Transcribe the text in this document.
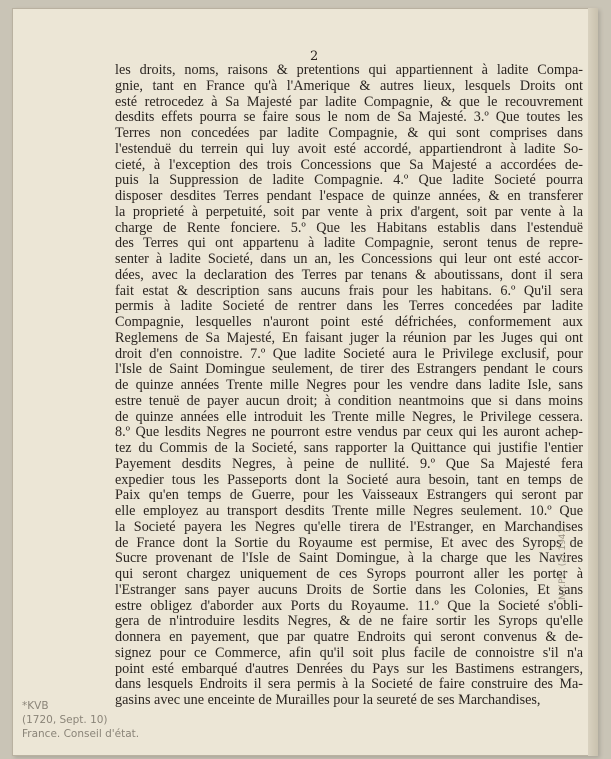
2
les droits, noms, raisons & pretentions qui appartiennent à ladite Compa-
gnie, tant en France qu'à l'Amerique & autres lieux, lesquels Droits ont
esté retrocedez à Sa Majesté par ladite Compagnie, & que le recouvrement
desdits effets pourra se faire sous le nom de Sa Majesté. 3.º Que toutes les
Terres non concedées par ladite Compagnie, & qui sont comprises dans
l'estenduë du terrein qui luy avoit esté accordé, appartiendront à ladite So-
cieté, à l'exception des trois Concessions que Sa Majesté a accordées de-
puis la Suppression de ladite Compagnie. 4.º Que ladite Societé pourra
disposer desdites Terres pendant l'espace de quinze années, & en transferer
la proprieté à perpetuité, soit par vente à prix d'argent, soit par vente à la
charge de Rente fonciere. 5.º Que les Habitans establis dans l'estenduë
des Terres qui ont appartenu à ladite Compagnie, seront tenus de repre-
senter à ladite Societé, dans un an, les Concessions qui leur ont esté accor-
dées, avec la declaration des Terres par tenans & aboutissans, dont il sera
fait estat & description sans aucuns frais pour les habitans. 6.º Qu'il sera
permis à ladite Societé de rentrer dans les Terres concedées par ladite
Compagnie, lesquelles n'auront point esté défrichées, conformement aux
Reglemens de Sa Majesté, En faisant juger la réunion par les Juges qui ont
droit d'en connoistre. 7.º Que ladite Societé aura le Privilege exclusif, pour
l'Isle de Saint Domingue seulement, de tirer des Estrangers pendant le cours
de quinze années Trente mille Negres pour les vendre dans ladite Isle, sans
estre tenuë de payer aucun droit; à condition neantmoins que si dans moins
de quinze années elle introduit les Trente mille Negres, le Privilege cessera.
8.º Que lesdits Negres ne pourront estre vendus par ceux qui les auront achep-
tez du Commis de la Societé, sans rapporter la Quittance qui justifie l'entier
Payement desdits Negres, à peine de nullité. 9.º Que Sa Majesté fera
expedier tous les Passeports dont la Societé aura besoin, tant en temps de
Paix qu'en temps de Guerre, pour les Vaisseaux Estrangers qui seront par
elle employez au transport desdits Trente mille Negres seulement. 10.º Que
la Societé payera les Negres qu'elle tirera de l'Estranger, en Marchandises
de France dont la Sortie du Royaume est permise, Et avec des Syrops de
Sucre provenant de l'Isle de Saint Domingue, à la charge que les Navires
qui seront chargez uniquement de ces Syrops pourront aller les porter à
l'Estranger sans payer aucuns Droits de Sortie dans les Colonies, Et sans
estre obligez d'aborder aux Ports du Royaume. 11.º Que la Societé s'obli-
gera de n'introduire lesdits Negres, & de ne faire sortir les Syrops qu'elle
donnera en payement, que par quatre Endroits qui seront convenus & de-
signez pour ce Commerce, afin qu'il soit plus facile de connoistre s'il n'a
point esté embarqué d'autres Denrées du Pays sur les Bastimens estrangers,
dans lesquels Endroits il sera permis à la Societé de faire construire des Ma-
gasins avec une enceinte de Murailles pour la seureté de ses Marchandises,
*KVB
(1720, Sept. 10)
France. Conseil d'état.
N.Y.P.L. (2) 1947
